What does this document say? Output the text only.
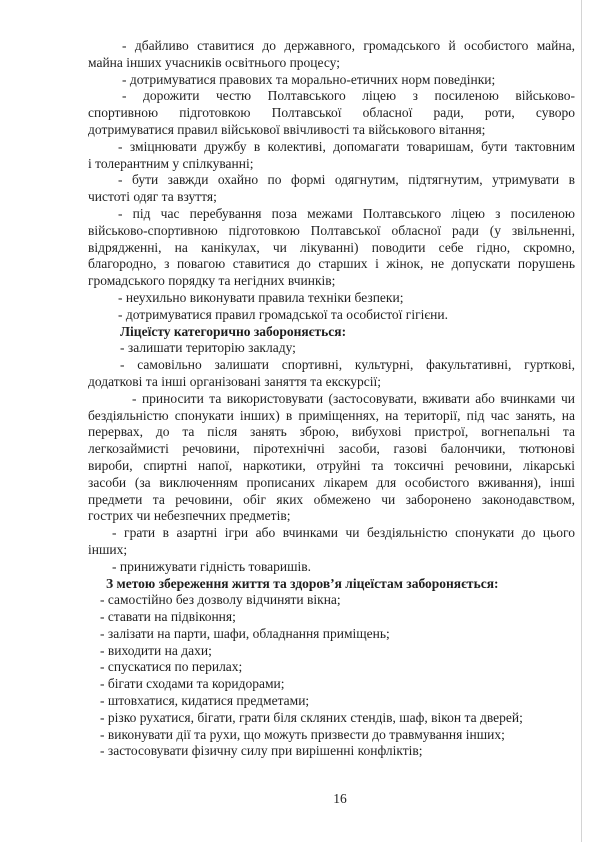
- дбайливо ставитися до державного, громадського й особистого майна,
майна інших учасників освітнього процесу;
- дотримуватися правових та морально-етичних норм поведінки;
- дорожити честю Полтавського ліцею з посиленою військово-
спортивною підготовкою Полтавської обласної ради, роти, суворо
дотримуватися правил військової ввічливості та військового вітання;
- зміцнювати дружбу в колективі, допомагати товаришам, бути тактовним
і толерантним у спілкуванні;
- бути завжди охайно по формі одягнутим, підтягнутим, утримувати в
чистоті одяг та взуття;
- під час перебування поза межами Полтавського ліцею з посиленою
військово-спортивною підготовкою Полтавської обласної ради (у звільненні,
відрядженні, на канікулах, чи лікуванні) поводити себе гідно, скромно,
благородно, з повагою ставитися до старших і жінок, не допускати порушень
громадського порядку та негідних вчинків;
- неухильно виконувати правила техніки безпеки;
- дотримуватися правил громадської та особистої гігієни.
Ліцеїсту категорично забороняється:
- залишати територію закладу;
- самовільно залишати спортивні, культурні, факультативні, гурткові,
додаткові та інші організовані заняття та екскурсії;
- приносити та використовувати (застосовувати, вживати або вчинками чи
бездіяльністю спонукати інших) в приміщеннях, на території, під час занять, на
перервах, до та після занять зброю, вибухові пристрої, вогнепальні та
легкозаймисті речовини, піротехнічні засоби, газові балончики, тютюнові
вироби, спиртні напої, наркотики, отруйні та токсичні речовини, лікарські
засоби (за виключенням прописаних лікарем для особистого вживання), інші
предмети та речовини, обіг яких обмежено чи заборонено законодавством,
гострих чи небезпечних предметів;
- грати в азартні ігри або вчинками чи бездіяльністю спонукати до цього
інших;
- принижувати гідність товаришів.
З метою збереження життя та здоров’я ліцеїстам забороняється:
- самостійно без дозволу відчиняти вікна;
- ставати на підвіконня;
- залізати на парти, шафи, обладнання приміщень;
- виходити на дахи;
- спускатися по перилах;
- бігати сходами та коридорами;
- штовхатися, кидатися предметами;
- різко рухатися, бігати, грати біля скляних стендів, шаф, вікон та дверей;
- виконувати дії та рухи, що можуть призвести до травмування інших;
- застосовувати фізичну силу при вирішенні конфліктів;
16
